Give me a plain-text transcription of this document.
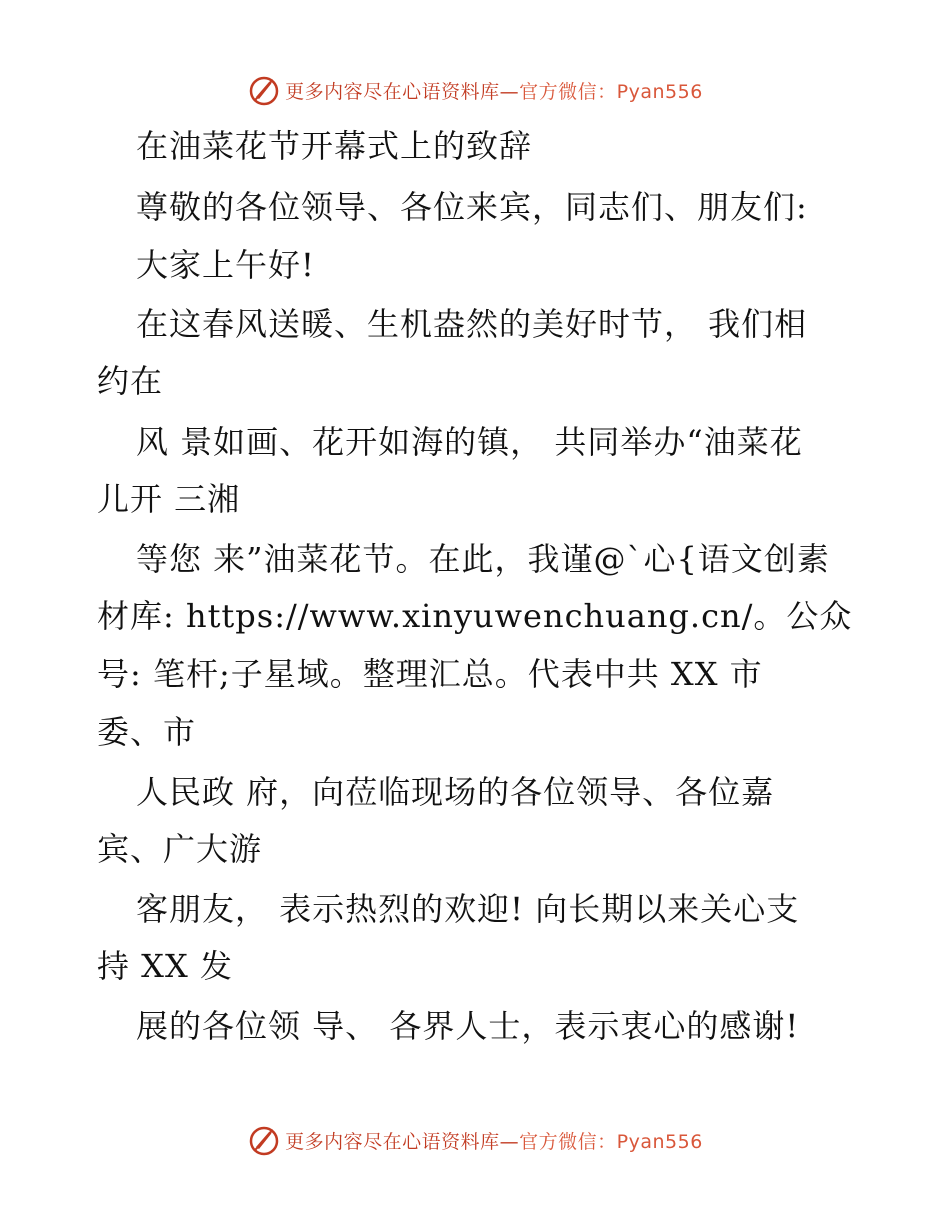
更多内容尽在心语资料库—官方微信：Pyan556
在油菜花节开幕式上的致辞
尊敬的各位领导、各位来宾，同志们、朋友们:
大家上午好!
在这春风送暖、生机盎然的美好时节， 我们相
约在
风 景如画、花开如海的镇， 共同举办“油菜花
儿开 三湘
等您 来”油菜花节。在此，我谨@`心{语文创素
材库: https://www.xinyuwenchuang.cn/。公众
号: 笔杆;子星域。整理汇总。代表中共 XX 市
委、市
人民政 府，向莅临现场的各位领导、各位嘉
宾、广大游
客朋友， 表示热烈的欢迎! 向长期以来关心支
持 XX 发
展的各位领 导、 各界人士，表示衷心的感谢!
更多内容尽在心语资料库—官方微信：Pyan556
